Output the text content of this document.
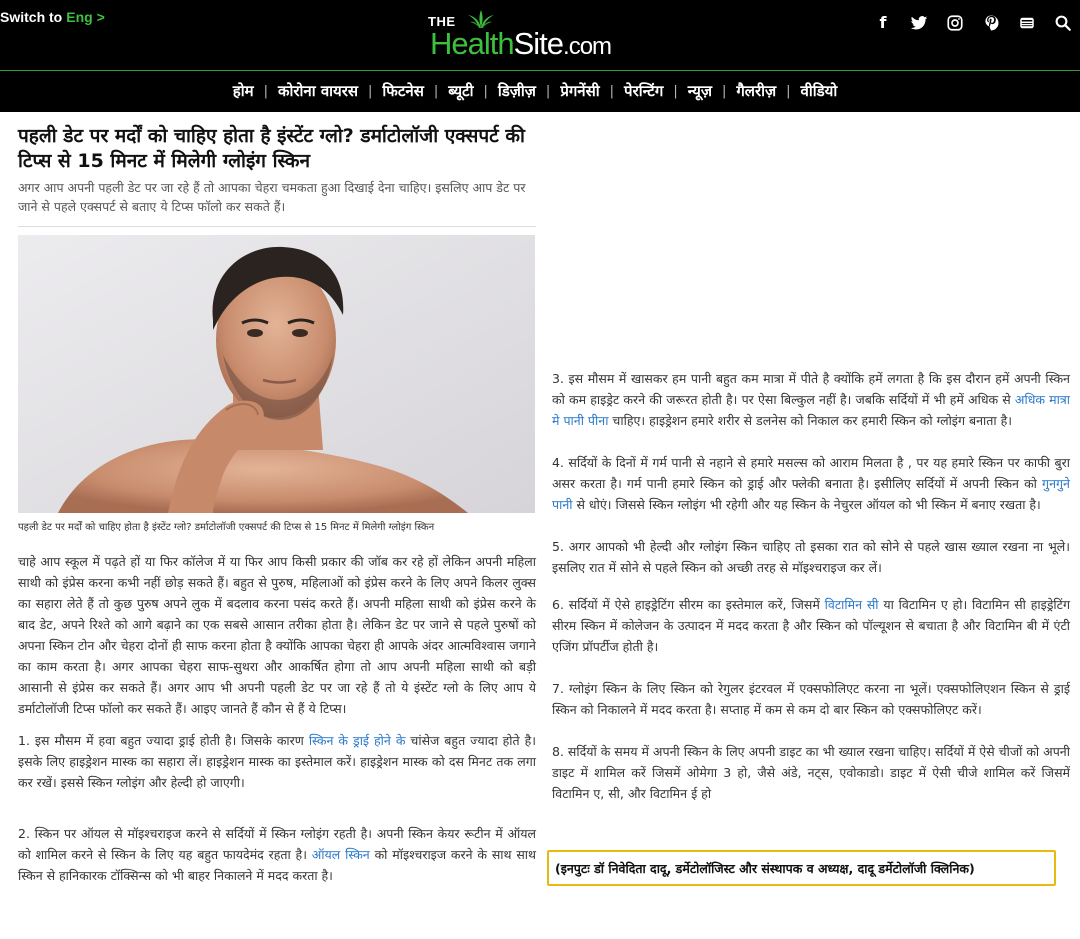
Switch to Eng >	THE
HealthSite.com
f
होम | कोरोना वायरस | फिटनेस | ब्यूटी | डिज़ीज़ | प्रेगनेंसी | पेरन्टिंग | न्यूज़ | गैलरीज़ | वीडियो
पहली डेट पर मर्दों को चाहिए होता है इंस्टेंट ग्लो? डर्माटोलॉजी एक्सपर्ट की टिप्स से 15 मिनट में मिलेगी ग्लोइंग स्किन

अगर आप अपनी पहली डेट पर जा रहे हैं तो आपका चेहरा चमकता हुआ दिखाई देना चाहिए। इसलिए आप डेट पर जाने से पहले एक्सपर्ट से बताए ये टिप्स फॉलो कर सकते हैं।

पहली डेट पर मर्दों को चाहिए होता है इंस्टेंट ग्लो? डर्माटोलॉजी एक्सपर्ट की टिप्स से 15 मिनट में मिलेगी ग्लोइंग स्किन

चाहे आप स्कूल में पढ़ते हों या फिर कॉलेज में या फिर आप किसी प्रकार की जॉब कर रहे हों लेकिन अपनी महिला साथी को इंप्रेस करना कभी नहीं छोड़ सकते हैं। बहुत से पुरुष, महिलाओं को इंप्रेस करने के लिए अपने किलर लुक्स का सहारा लेते हैं तो कुछ पुरुष अपने लुक में बदलाव करना पसंद करते हैं। अपनी महिला साथी को इंप्रेस करने के बाद डेट, अपने रिश्ते को आगे बढ़ाने का एक सबसे आसान तरीका होता है। लेकिन डेट पर जाने से पहले पुरुषों को अपना स्किन टोन और चेहरा दोनों ही साफ करना होता है क्योंकि आपका चेहरा ही आपके अंदर आत्मविश्वास जगाने का काम करता है। अगर आपका चेहरा साफ-सुथरा और आकर्षित होगा तो आप अपनी महिला साथी को बड़ी आसानी से इंप्रेस कर सकते हैं। अगर आप भी अपनी पहली डेट पर जा रहे हैं तो ये इंस्टेंट ग्लो के लिए आप ये डर्माटोलॉजी टिप्स फॉलो कर सकते हैं। आइए जानते हैं कौन से हैं ये टिप्स।

1. इस मौसम में हवा बहुत ज्यादा ड्राई होती है। जिसके कारण स्किन के ड्राई होने के चांसेज बहुत ज्यादा होते है। इसके लिए हाइड्रेशन मास्क का सहारा लें। हाइड्रेशन मास्क का इस्तेमाल करें। हाइड्रेशन मास्क को दस मिनट तक लगा कर रखें। इससे स्किन ग्लोइंग और हेल्दी हो जाएगी।

2. स्किन पर ऑयल से मॉइश्चराइज करने से सर्दियों में स्किन ग्लोइंग रहती है। अपनी स्किन केयर रूटीन में ऑयल को शामिल करने से स्किन के लिए यह बहुत फायदेमंद रहता है। ऑयल स्किन को मॉइश्चराइज करने के साथ साथ स्किन से हानिकारक टॉक्सिन्स को भी बाहर निकालने में मदद करता है।

3. इस मौसम में खासकर हम पानी बहुत कम मात्रा में पीते है क्योंकि हमें लगता है कि इस दौरान हमें अपनी स्किन को कम हाइड्रेट करने की जरूरत होती है। पर ऐसा बिल्कुल नहीं है। जबकि सर्दियों में भी हमें अधिक से अधिक मात्रा मे पानी पीना चाहिए। हाइड्रेशन हमारे शरीर से डलनेस को निकाल कर हमारी स्किन को ग्लोइंग बनाता है।

4. सर्दियों के दिनों में गर्म पानी से नहाने से हमारे मसल्स को आराम मिलता है , पर यह हमारे स्किन पर काफी बुरा असर करता है। गर्म पानी हमारे स्किन को ड्राई और फ्लेकी बनाता है। इसीलिए सर्दियों में अपनी स्किन को गुनगुने पानी से धोएं। जिससे स्किन ग्लोइंग भी रहेगी और यह स्किन के नेचुरल ऑयल को भी स्किन में बनाए रखता है।

5. अगर आपको भी हेल्दी और ग्लोइंग स्किन चाहिए तो इसका रात को सोने से पहले खास ख्याल रखना ना भूले। इसलिए रात में सोने से पहले स्किन को अच्छी तरह से मॉइश्चराइज कर लें।

6. सर्दियों में ऐसे हाइड्रेटिंग सीरम का इस्तेमाल करें, जिसमें विटामिन सी या विटामिन ए हो। विटामिन सी हाइड्रेटिंग सीरम स्किन में कोलेजन के उत्पादन में मदद करता है और स्किन को पॉल्यूशन से बचाता है और विटामिन बी में एंटी एजिंग प्रॉपर्टीज होती है।

7. ग्लोइंग स्किन के लिए स्किन को रेगुलर इंटरवल में एक्सफोलिएट करना ना भूलें। एक्सफोलिएशन स्किन से ड्राई स्किन को निकालने में मदद करता है। सप्ताह में कम से कम दो बार स्किन को एक्सफोलिएट करें।

8. सर्दियों के समय में अपनी स्किन के लिए अपनी डाइट का भी ख्याल रखना चाहिए। सर्दियों में ऐसे चीजों को अपनी डाइट में शामिल करें जिसमें ओमेगा 3 हो, जैसे अंडे, नट्स, एवोकाडो। डाइट में ऐसी चीजे शामिल करें जिसमें विटामिन ए, सी, और विटामिन ई हो

(इनपुटः डॉ निवेदिता दादू, डर्मेटोलॉजिस्ट और संस्थापक व अध्यक्ष, दादू डर्मेटोलॉजी क्लिनिक)
